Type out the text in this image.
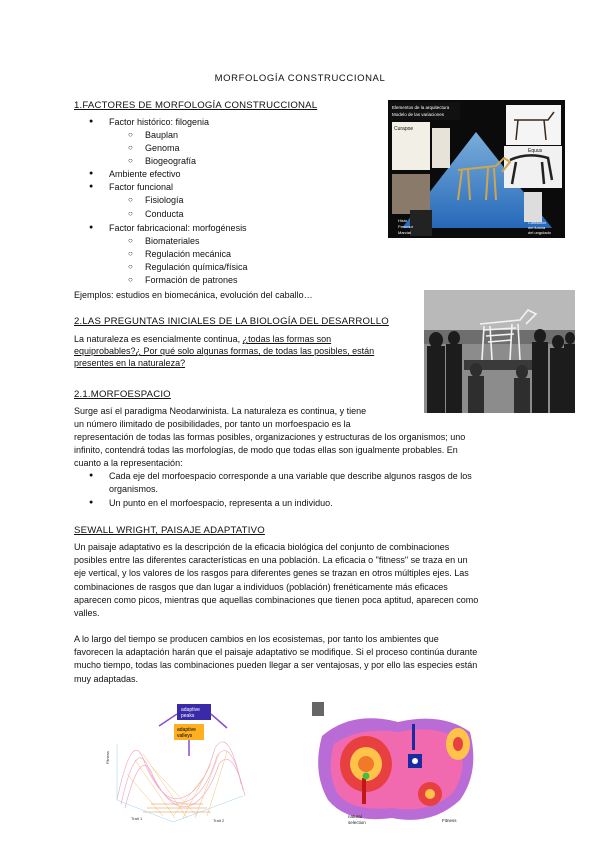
MORFOLOGÍA CONSTRUCCIONAL
1.FACTORES DE MORFOLOGÍA CONSTRUCCIONAL
● Factor histórico: filogenia
○ Bauplan
○ Genoma
○ Biogeografía
● Ambiente efectivo
● Factor funcional
○ Fisiología
○ Conducta
● Factor fabricacional: morfogénesis
○ Biomateriales
○ Regulación mecánica
○ Regulación química/física
○ Formación de patrones
Ejemplos: estudios en biomecánica, evolución del caballo…
2.LAS PREGUNTAS INICIALES DE LA BIOLOGÍA DEL DESARROLLO
La naturaleza es esencialmente continua, ¿todas las formas son
equiprobables?¿ Por qué solo algunas formas, de todas las posibles, están
presentes en la naturaleza?
2.1.MORFOESPACIO
Surge así el paradigma Neodarwinista. La naturaleza es continua, y tiene
un número ilimitado de posibilidades, por tanto un morfoespacio es la
representación de todas las formas posibles, organizaciones y estructuras de los organismos; uno
infinito, contendrá todas las morfologías, de modo que todas ellas son igualmente probables. En
cuanto a la representación:
● Cada eje del morfoespacio corresponde a una variable que describe algunos rasgos de los
organismos.
● Un punto en el morfoespacio, representa a un individuo.
SEWALL WRIGHT, PAISAJE ADAPTATIVO
Un paisaje adaptativo es la descripción de la eficacia biológica del conjunto de combinaciones
posibles entre las diferentes características en una población. La eficacia o "fitness" se traza en un
eje vertical, y los valores de los rasgos para diferentes genes se trazan en otros múltiples ejes. Las
combinaciones de rasgos que dan lugar a individuos (población) frenéticamente más eficaces
aparecen como picos, mientras que aquellas combinaciones que tienen poca aptitud, aparecen como
valles.
A lo largo del tiempo se producen cambios en los ecosistemas, por tanto los ambientes que
favorecen la adaptación harán que el paisaje adaptativo se modifique. Si el proceso continúa durante
mucho tiempo, todas las combinaciones pueden llegar a ser ventajosas, y por ello las especies están
muy adaptadas.
Elementos de la arquitectura
Modelo de las variaciones
Curapoe
Equus
Histo
Ferumur
Marcial
Coblación
del funcia
del ungulado
adaptive peaks
adaptive valleys
Fitness
Trait 1	Trait 2	Fitness
natural
selection
